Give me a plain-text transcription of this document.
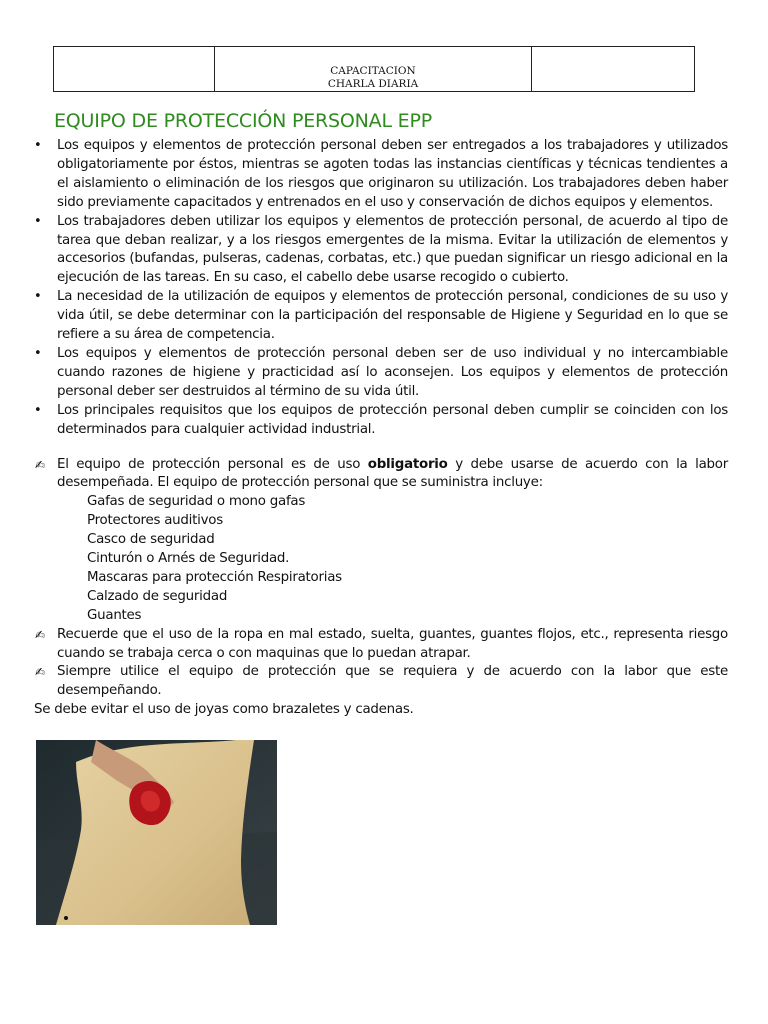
CAPACITACION
CHARLA DIARIA

EQUIPO DE PROTECCIÓN PERSONAL EPP
• Los equipos y elementos de protección personal deben ser entregados a los trabajadores y utilizados obligatoriamente por éstos, mientras se agoten todas las instancias científicas y técnicas tendientes a el aislamiento o eliminación de los riesgos que originaron su utilización. Los trabajadores deben haber sido previamente capacitados y entrenados en el uso y conservación de dichos equipos y elementos.
• Los trabajadores deben utilizar los equipos y elementos de protección personal, de acuerdo al tipo de tarea que deban realizar, y a los riesgos emergentes de la misma. Evitar la utilización de elementos y accesorios (bufandas, pulseras, cadenas, corbatas, etc.) que puedan significar un riesgo adicional en la ejecución de las tareas. En su caso, el cabello debe usarse recogido o cubierto.
• La necesidad de la utilización de equipos y elementos de protección personal, condiciones de su uso y vida útil, se debe determinar con la participación del responsable de Higiene y Seguridad en lo que se refiere a su área de competencia.
• Los equipos y elementos de protección personal deben ser de uso individual y no intercambiable cuando razones de higiene y practicidad así lo aconsejen. Los equipos y elementos de protección personal deber ser destruidos al término de su vida útil.
• Los principales requisitos que los equipos de protección personal deben cumplir se coinciden con los determinados para cualquier actividad industrial.
✍ El equipo de protección personal es de uso obligatorio y debe usarse de acuerdo con la labor desempeñada. El equipo de protección personal que se suministra incluye:
Gafas de seguridad o mono gafas
Protectores auditivos
Casco de seguridad
Cinturón o Arnés de Seguridad.
Mascaras para protección Respiratorias
Calzado de seguridad
Guantes
✍ Recuerde que el uso de la ropa en mal estado, suelta, guantes, guantes flojos, etc., representa riesgo cuando se trabaja cerca o con maquinas que lo puedan atrapar.
✍ Siempre utilice el equipo de protección que se requiera y de acuerdo con la labor que este desempeñando.
Se debe evitar el uso de joyas como brazaletes y cadenas.
